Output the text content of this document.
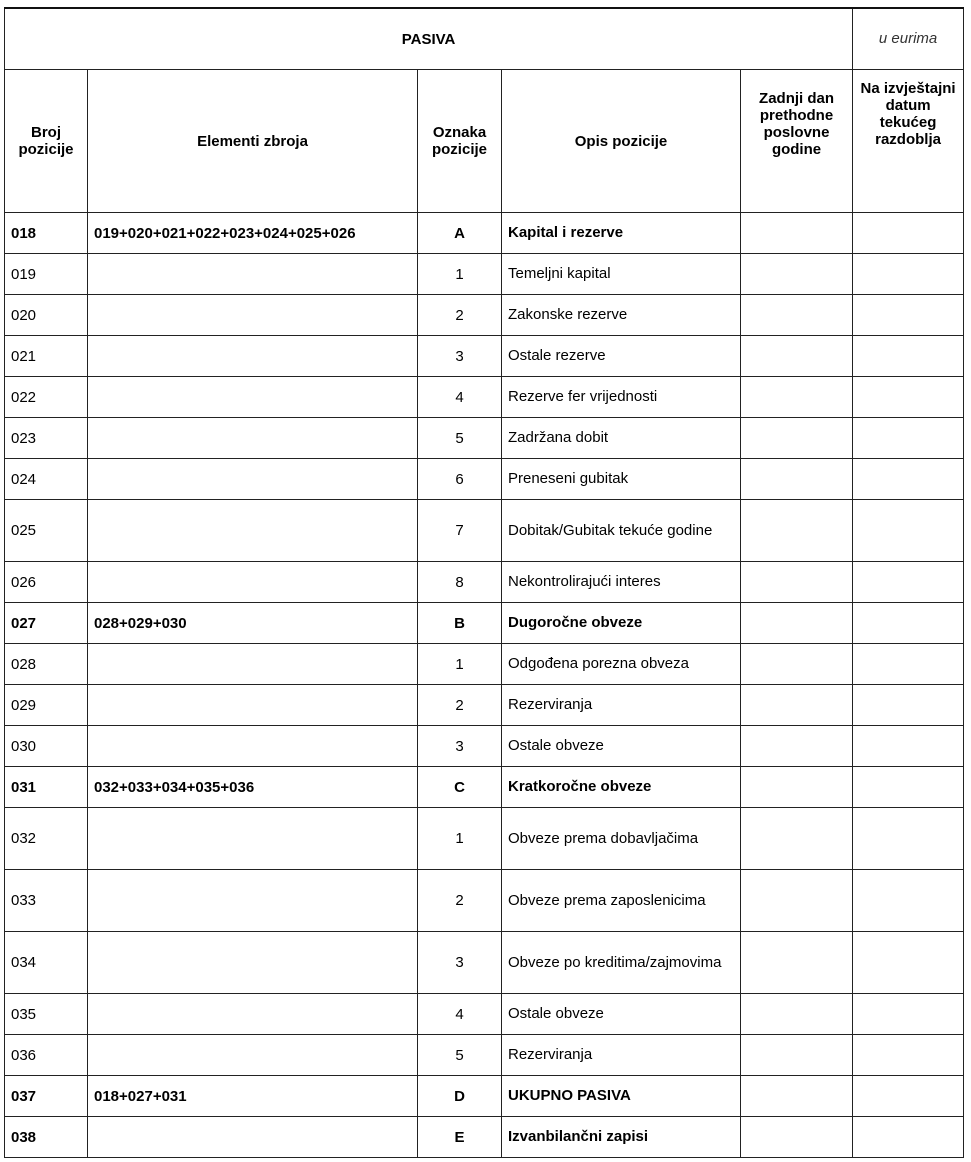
PASIVA					u eurima
Broj pozicije	Elementi zbroja	Oznaka pozicije	Opis pozicije	Zadnji dan prethodne poslovne godine	Na izvještajni datum tekućeg razdoblja
018	019+020+021+022+023+024+025+026	A	Kapital i rezerve		
019		1	Temeljni kapital		
020		2	Zakonske rezerve		
021		3	Ostale rezerve		
022		4	Rezerve fer vrijednosti		
023		5	Zadržana dobit		
024		6	Preneseni gubitak		
025		7	Dobitak/Gubitak tekuće godine		
026		8	Nekontrolirajući interes		
027	028+029+030	B	Dugoročne obveze		
028		1	Odgođena porezna obveza		
029		2	Rezerviranja		
030		3	Ostale obveze		
031	032+033+034+035+036	C	Kratkoročne obveze		
032		1	Obveze prema dobavljačima		
033		2	Obveze prema zaposlenicima		
034		3	Obveze po kreditima/zajmovima		
035		4	Ostale obveze		
036		5	Rezerviranja		
037	018+027+031	D	UKUPNO PASIVA		
038		E	Izvanbilančni zapisi		
